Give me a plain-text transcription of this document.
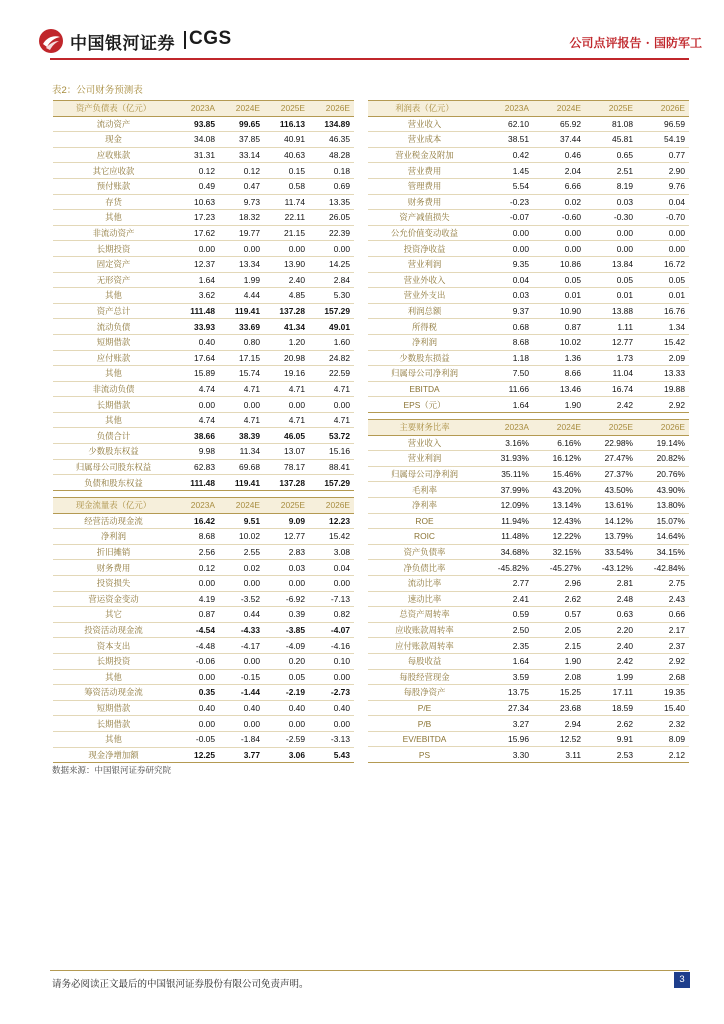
中国银河证券 CGS	公司点评报告 · 国防军工
表2：公司财务预测表
资产负债表（亿元）	2023A	2024E	2025E	2026E
流动资产	93.85	99.65	116.13	134.89
现金	34.08	37.85	40.91	46.35
应收账款	31.31	33.14	40.63	48.28
其它应收款	0.12	0.12	0.15	0.18
预付账款	0.49	0.47	0.58	0.69
存货	10.63	9.73	11.74	13.35
其他	17.23	18.32	22.11	26.05
非流动资产	17.62	19.77	21.15	22.39
长期投资	0.00	0.00	0.00	0.00
固定资产	12.37	13.34	13.90	14.25
无形资产	1.64	1.99	2.40	2.84
其他	3.62	4.44	4.85	5.30
资产总计	111.48	119.41	137.28	157.29
流动负债	33.93	33.69	41.34	49.01
短期借款	0.40	0.80	1.20	1.60
应付账款	17.64	17.15	20.98	24.82
其他	15.89	15.74	19.16	22.59
非流动负债	4.74	4.71	4.71	4.71
长期借款	0.00	0.00	0.00	0.00
其他	4.74	4.71	4.71	4.71
负债合计	38.66	38.39	46.05	53.72
少数股东权益	9.98	11.34	13.07	15.16
归属母公司股东权益	62.83	69.68	78.17	88.41
负债和股东权益	111.48	119.41	137.28	157.29
现金流量表（亿元）	2023A	2024E	2025E	2026E
经营活动现金流	16.42	9.51	9.09	12.23
净利润	8.68	10.02	12.77	15.42
折旧摊销	2.56	2.55	2.83	3.08
财务费用	0.12	0.02	0.03	0.04
投资损失	0.00	0.00	0.00	0.00
营运资金变动	4.19	-3.52	-6.92	-7.13
其它	0.87	0.44	0.39	0.82
投资活动现金流	-4.54	-4.33	-3.85	-4.07
资本支出	-4.48	-4.17	-4.09	-4.16
长期投资	-0.06	0.00	0.20	0.10
其他	0.00	-0.15	0.05	0.00
筹资活动现金流	0.35	-1.44	-2.19	-2.73
短期借款	0.40	0.40	0.40	0.40
长期借款	0.00	0.00	0.00	0.00
其他	-0.05	-1.84	-2.59	-3.13
现金净增加额	12.25	3.77	3.06	5.43
利润表（亿元）	2023A	2024E	2025E	2026E
营业收入	62.10	65.92	81.08	96.59
营业成本	38.51	37.44	45.81	54.19
营业税金及附加	0.42	0.46	0.65	0.77
营业费用	1.45	2.04	2.51	2.90
管理费用	5.54	6.66	8.19	9.76
财务费用	-0.23	0.02	0.03	0.04
资产减值损失	-0.07	-0.60	-0.30	-0.70
公允价值变动收益	0.00	0.00	0.00	0.00
投资净收益	0.00	0.00	0.00	0.00
营业利润	9.35	10.86	13.84	16.72
营业外收入	0.04	0.05	0.05	0.05
营业外支出	0.03	0.01	0.01	0.01
利润总额	9.37	10.90	13.88	16.76
所得税	0.68	0.87	1.11	1.34
净利润	8.68	10.02	12.77	15.42
少数股东损益	1.18	1.36	1.73	2.09
归属母公司净利润	7.50	8.66	11.04	13.33
EBITDA	11.66	13.46	16.74	19.88
EPS（元）	1.64	1.90	2.42	2.92
主要财务比率	2023A	2024E	2025E	2026E
营业收入	3.16%	6.16%	22.98%	19.14%
营业利润	31.93%	16.12%	27.47%	20.82%
归属母公司净利润	35.11%	15.46%	27.37%	20.76%
毛利率	37.99%	43.20%	43.50%	43.90%
净利率	12.09%	13.14%	13.61%	13.80%
ROE	11.94%	12.43%	14.12%	15.07%
ROIC	11.48%	12.22%	13.79%	14.64%
资产负债率	34.68%	32.15%	33.54%	34.15%
净负债比率	-45.82%	-45.27%	-43.12%	-42.84%
流动比率	2.77	2.96	2.81	2.75
速动比率	2.41	2.62	2.48	2.43
总资产周转率	0.59	0.57	0.63	0.66
应收账款周转率	2.50	2.05	2.20	2.17
应付账款周转率	2.35	2.15	2.40	2.37
每股收益	1.64	1.90	2.42	2.92
每股经营现金	3.59	2.08	1.99	2.68
每股净资产	13.75	15.25	17.11	19.35
P/E	27.34	23.68	18.59	15.40
P/B	3.27	2.94	2.62	2.32
EV/EBITDA	15.96	12.52	9.91	8.09
PS	3.30	3.11	2.53	2.12
数据来源：中国银河证券研究院
请务必阅读正文最后的中国银河证券股份有限公司免责声明。	3
